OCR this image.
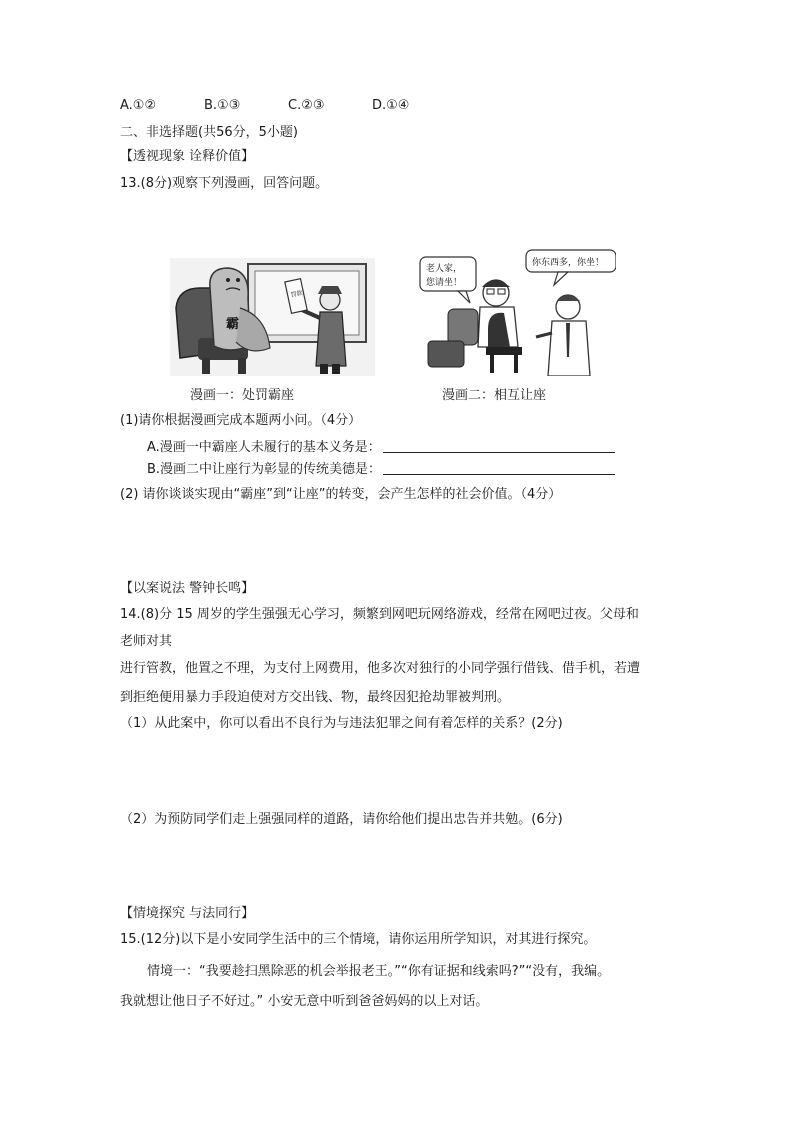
A.①②	B.①③	C.②③	D.①④
二、非选择题(共56分，5小题)
【透视现象 诠释价值】
13.(8分)观察下列漫画，回答问题。
霸
罚款
老人家，
您请坐！
你东西多，你坐！
漫画一：处罚霸座	漫画二：相互让座
(1)请你根据漫画完成本题两小问。（4分）
A.漫画一中霸座人未履行的基本义务是：
B.漫画二中让座行为彰显的传统美德是：
(2) 请你谈谈实现由“霸座”到“让座”的转变，会产生怎样的社会价值。（4分）
【以案说法 警钟长鸣】
14.(8)分 15 周岁的学生强强无心学习，频繁到网吧玩网络游戏，经常在网吧过夜。父母和
老师对其
进行管教，他置之不理，为支付上网费用，他多次对独行的小同学强行借钱、借手机，若遭
到拒绝便用暴力手段迫使对方交出钱、物，最终因犯抢劫罪被判刑。
（1）从此案中，你可以看出不良行为与违法犯罪之间有着怎样的关系？(2分)
（2）为预防同学们走上强强同样的道路，请你给他们提出忠告并共勉。(6分)
【情境探究 与法同行】
15.(12分)以下是小安同学生活中的三个情境，请你运用所学知识，对其进行探究。
情境一：“我要趁扫黑除恶的机会举报老王。”“你有证据和线索吗?”“没有，我编。
我就想让他日子不好过。” 小安无意中听到爸爸妈妈的以上对话。
